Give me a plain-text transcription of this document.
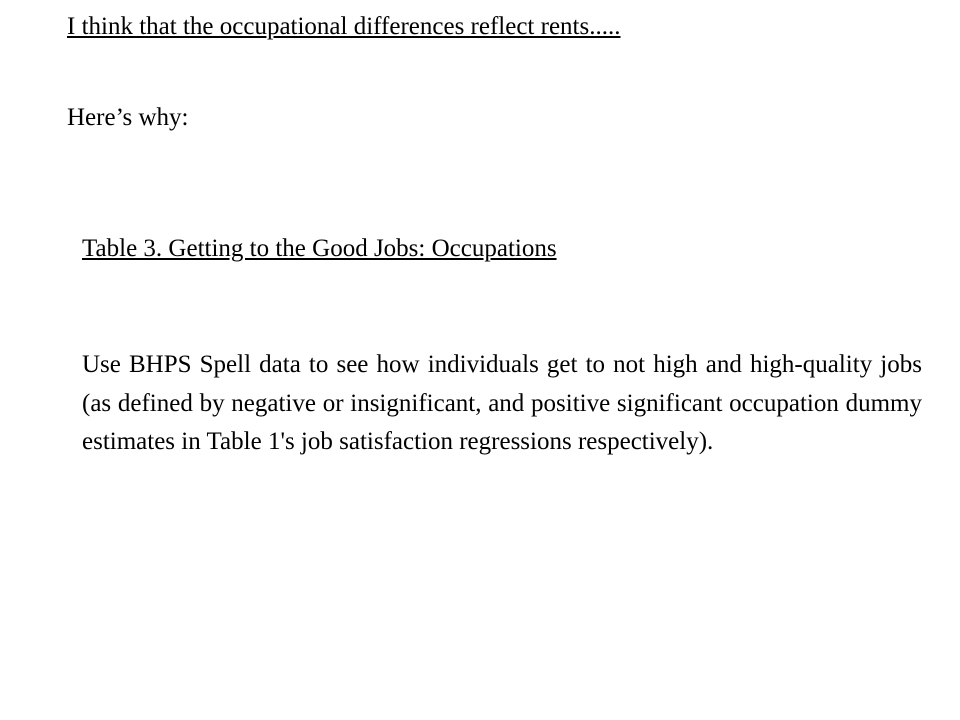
I think that the occupational differences reflect rents.....
Here’s why:
Table 3. Getting to the Good Jobs: Occupations
Use BHPS Spell data to see how individuals get to not high and high-quality jobs (as defined by negative or insignificant, and positive significant occupation dummy estimates in Table 1's job satisfaction regressions respectively).
